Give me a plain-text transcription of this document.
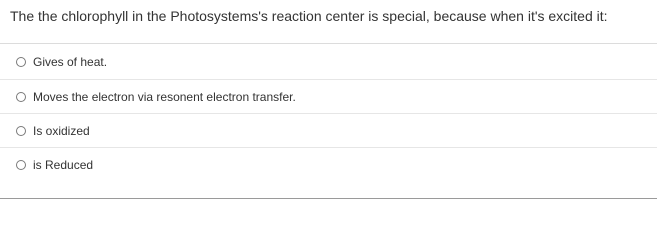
The the chlorophyll in the Photosystems's reaction center is special, because when it's excited it:
Gives of heat.
Moves the electron via resonent electron transfer.
Is oxidized
is Reduced
